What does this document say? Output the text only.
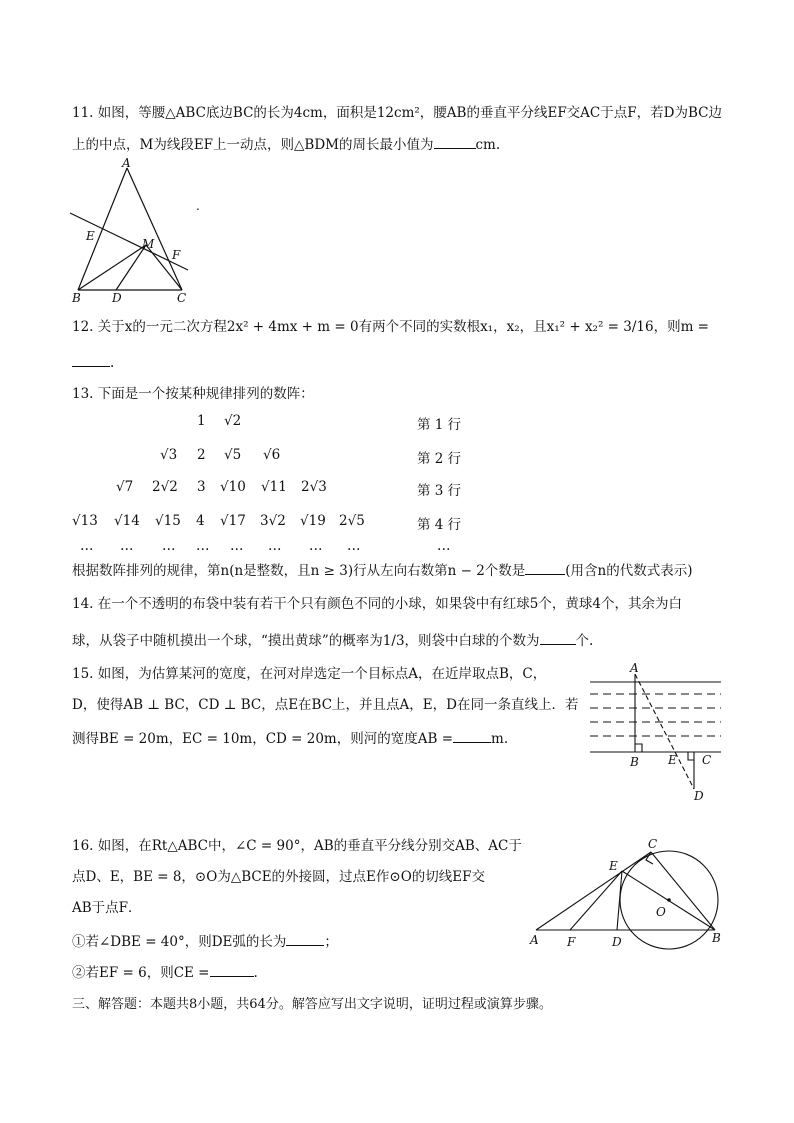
11. 如图，等腰△ABC底边BC的长为4cm，面积是12cm²，腰AB的垂直平分线EF交AC于点F，若D为BC边
上的中点，M为线段EF上一动点，则△BDM的周长最小值为	cm.
A
E
M
F
B	D	C
.
12. 关于x的一元二次方程2x² + 4mx + m = 0有两个不同的实数根x₁，x₂，且x₁² + x₂² = 3/16，则m =
.
13. 下面是一个按某种规律排列的数阵：
1 √2	第 1 行
√3 2 √5 √6	第 2 行
√7 2√2 3 √10 √11 2√3	第 3 行
√13 √14 √15 4 √17 3√2 √19 2√5	第 4 行
… … … … … … … …	…
根据数阵排列的规律，第n(n是整数，且n ≥ 3)行从左向右数第n − 2个数是	(用含n的代数式表示)
14. 在一个不透明的布袋中装有若干个只有颜色不同的小球，如果袋中有红球5个，黄球4个，其余为白
球，从袋子中随机摸出一个球，“摸出黄球”的概率为1/3，则袋中白球的个数为	个.
15. 如图，为估算某河的宽度，在河对岸选定一个目标点A，在近岸取点B，C，
D，使得AB ⊥ BC，CD ⊥ BC，点E在BC上，并且点A，E，D在同一条直线上．若
测得BE = 20m，EC = 10m，CD = 20m，则河的宽度AB =	m.
A
B E C
D
16. 如图，在Rt△ABC中，∠C = 90°，AB的垂直平分线分别交AB、AC于
点D、E，BE = 8，⊙O为△BCE的外接圆，过点E作⊙O的切线EF交
AB于点F．
①若∠DBE = 40°，则DE弧的长为	；
②若EF = 6，则CE =	.
C
E
O
A F	D	B
三、解答题：本题共8小题，共64分。解答应写出文字说明，证明过程或演算步骤。
